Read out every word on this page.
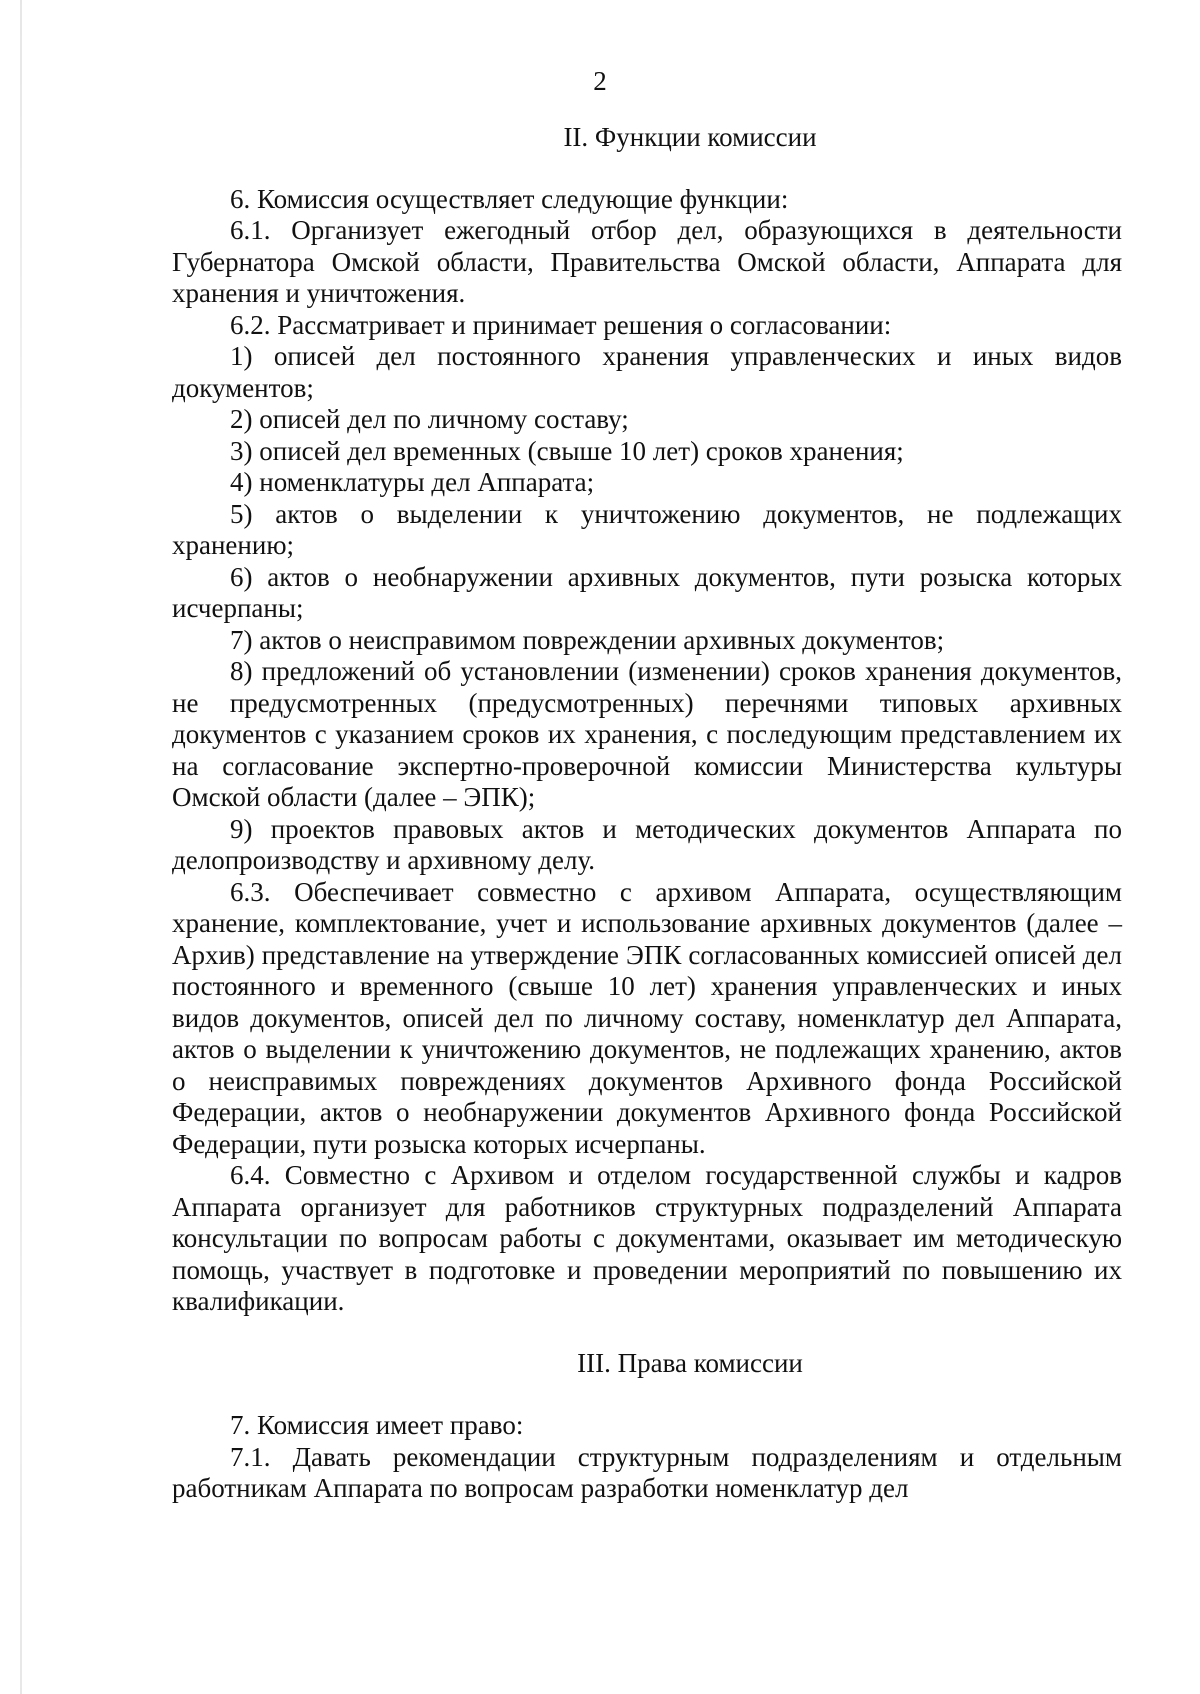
2

II. Функции комиссии

6. Комиссия осуществляет следующие функции:

6.1. Организует ежегодный отбор дел, образующихся в деятельности Губернатора Омской области, Правительства Омской области, Аппарата для хранения и уничтожения.

6.2. Рассматривает и принимает решения о согласовании:

1) описей дел постоянного хранения управленческих и иных видов документов;

2) описей дел по личному составу;

3) описей дел временных (свыше 10 лет) сроков хранения;

4) номенклатуры дел Аппарата;

5) актов о выделении к уничтожению документов, не подлежащих хранению;

6) актов о необнаружении архивных документов, пути розыска которых исчерпаны;

7) актов о неисправимом повреждении архивных документов;

8) предложений об установлении (изменении) сроков хранения документов, не предусмотренных (предусмотренных) перечнями типовых архивных документов с указанием сроков их хранения, с последующим представлением их на согласование экспертно-проверочной комиссии Министерства культуры Омской области (далее – ЭПК);

9) проектов правовых актов и методических документов Аппарата по делопроизводству и архивному делу.

6.3. Обеспечивает совместно с архивом Аппарата, осуществляющим хранение, комплектование, учет и использование архивных документов (далее – Архив) представление на утверждение ЭПК согласованных комиссией описей дел постоянного и временного (свыше 10 лет) хранения управленческих и иных видов документов, описей дел по личному составу, номенклатур дел Аппарата, актов о выделении к уничтожению документов, не подлежащих хранению, актов о неисправимых повреждениях документов Архивного фонда Российской Федерации, актов о необнаружении документов Архивного фонда Российской Федерации, пути розыска которых исчерпаны.

6.4. Совместно с Архивом и отделом государственной службы и кадров Аппарата организует для работников структурных подразделений Аппарата консультации по вопросам работы с документами, оказывает им методическую помощь, участвует в подготовке и проведении мероприятий по повышению их квалификации.

III. Права комиссии

7. Комиссия имеет право:

7.1. Давать рекомендации структурным подразделениям и отдельным работникам Аппарата по вопросам разработки номенклатур дел
